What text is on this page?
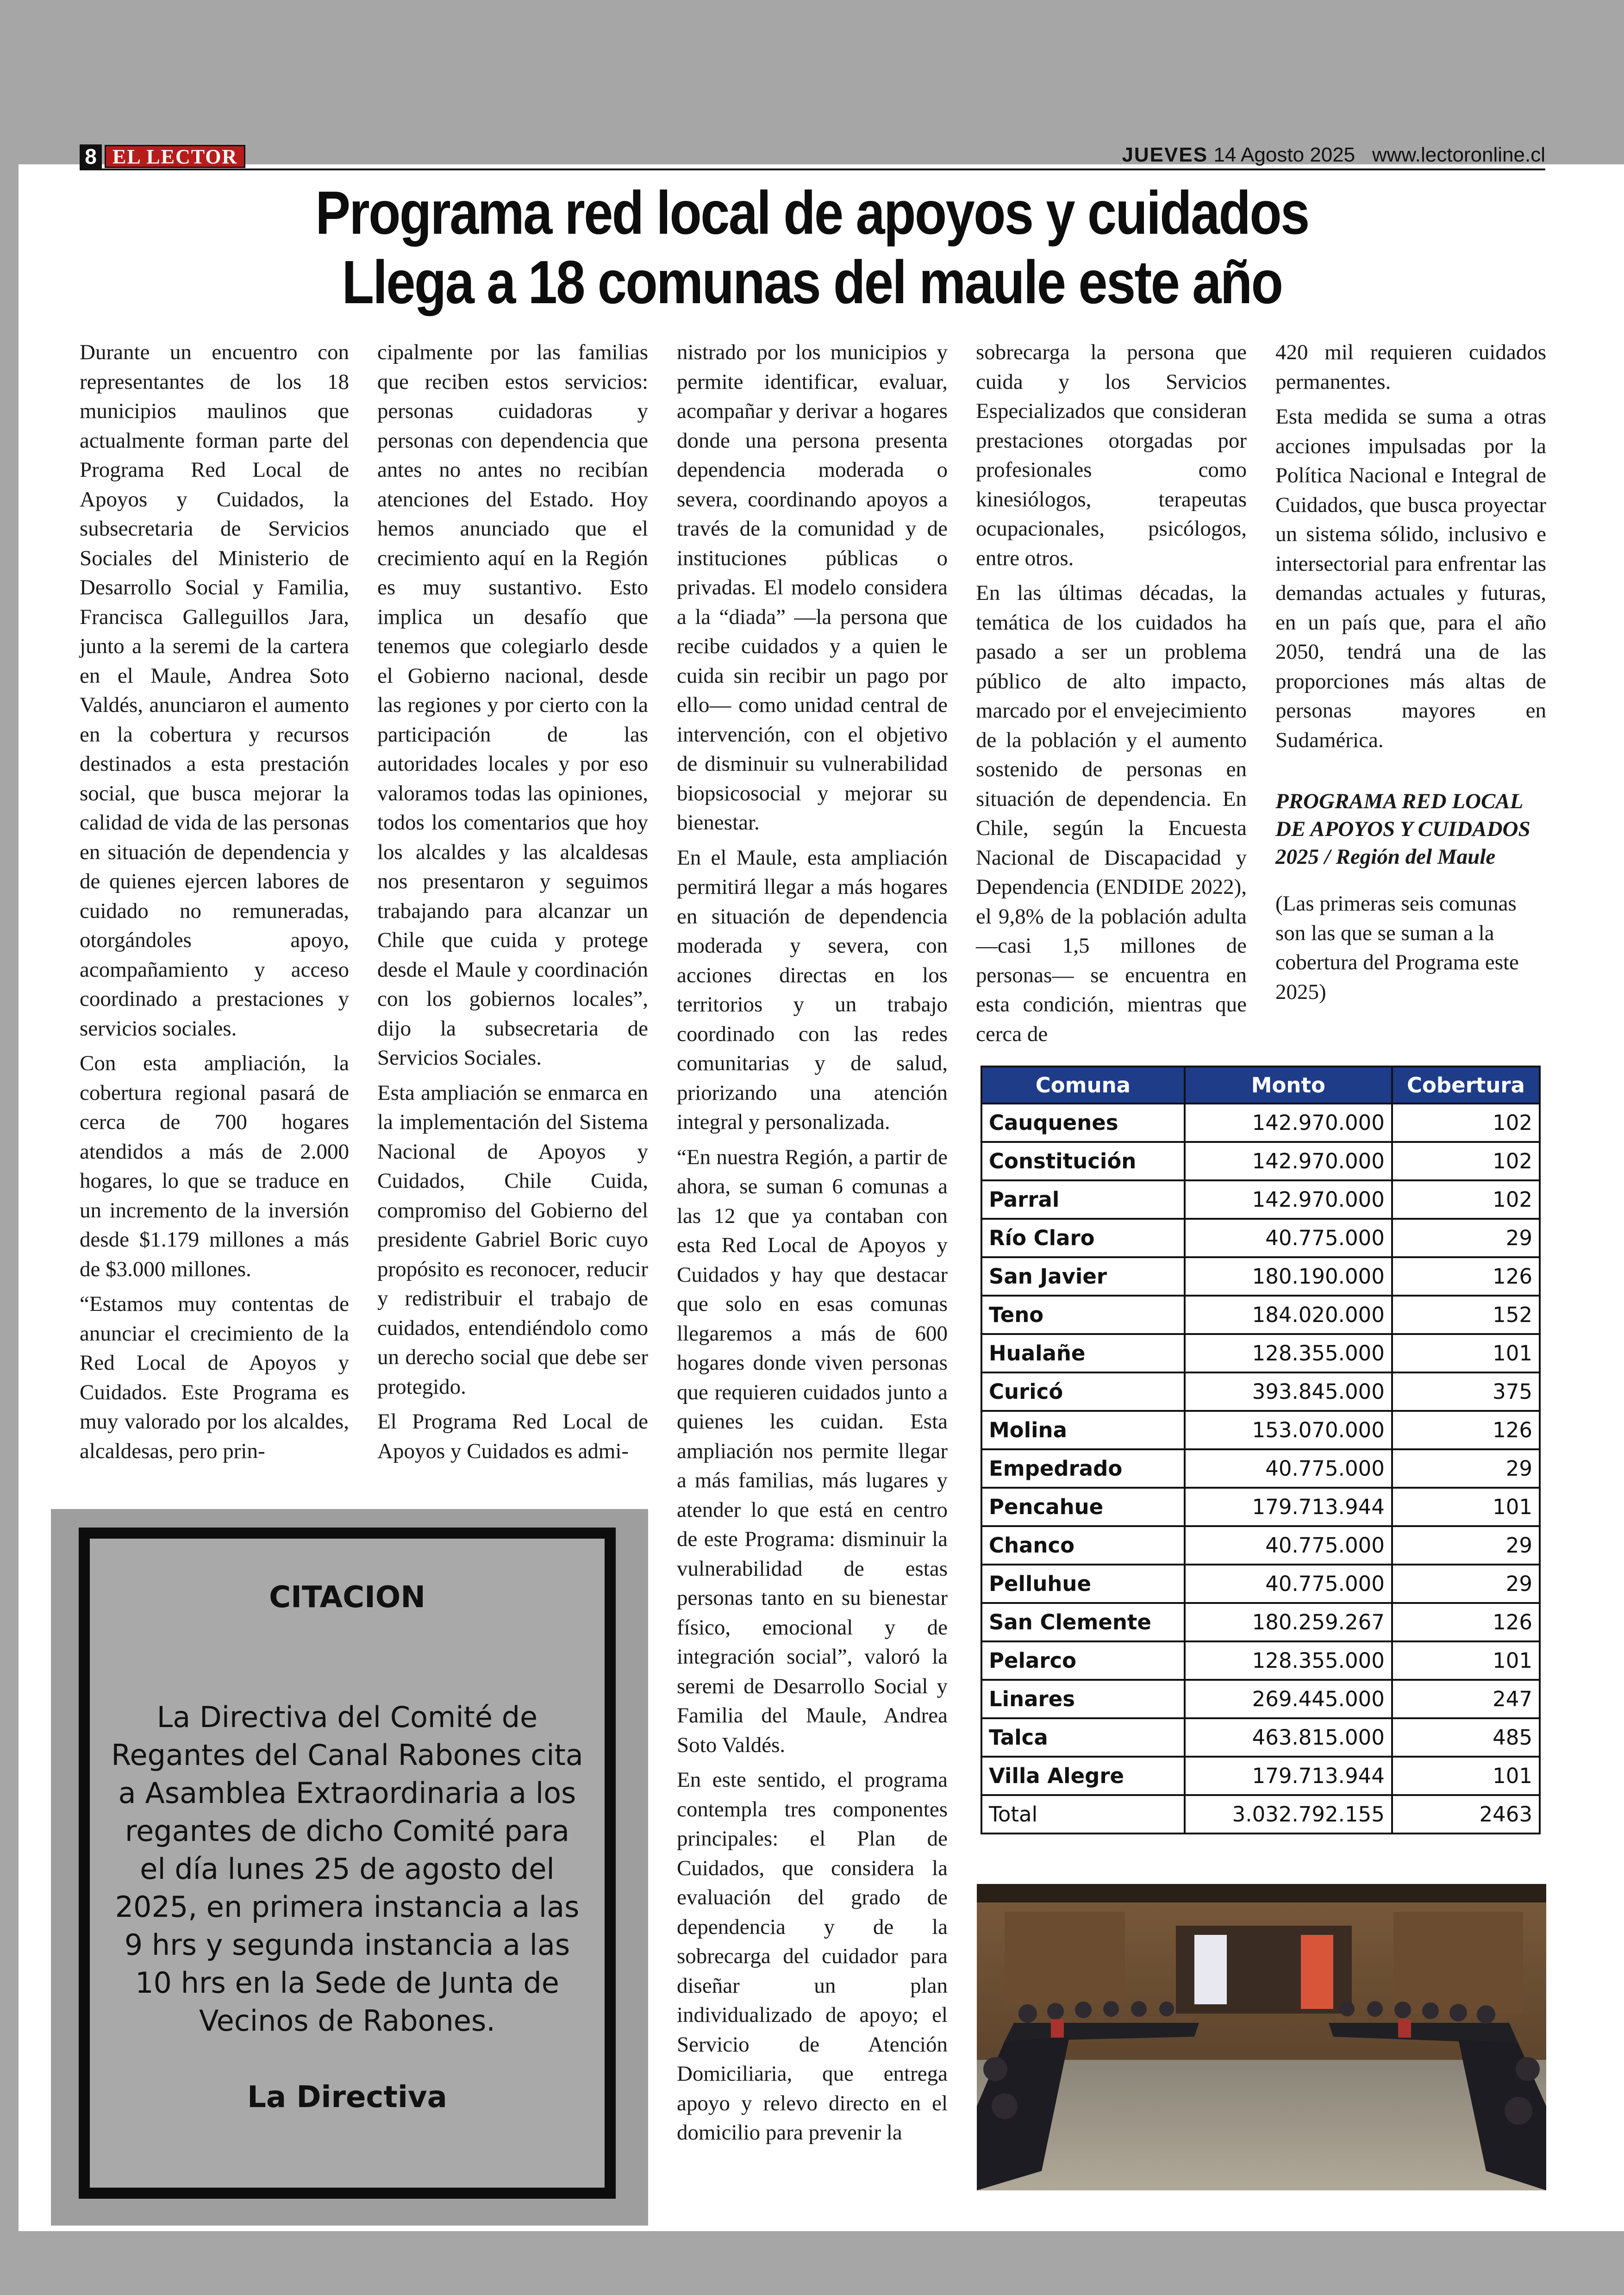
8 EL LECTOR	JUEVES 14 Agosto 2025 www.lectoronline.cl
Programa red local de apoyos y cuidados
Llega a 18 comunas del maule este año

Durante un encuentro con representantes de los 18 municipios maulinos que actualmente forman parte del Programa Red Local de Apoyos y Cuidados, la subsecretaria de Servicios Sociales del Ministerio de Desarrollo Social y Familia, Francisca Galleguillos Jara, junto a la seremi de la cartera en el Maule, Andrea Soto Valdés, anunciaron el aumento en la cobertura y recursos destinados a esta prestación social, que busca mejorar la calidad de vida de las personas en situación de dependencia y de quienes ejercen labores de cuidado no remuneradas, otorgándoles apoyo, acompañamiento y acceso coordinado a prestaciones y servicios sociales.

Con esta ampliación, la cobertura regional pasará de cerca de 700 hogares atendidos a más de 2.000 hogares, lo que se traduce en un incremento de la inversión desde $1.179 millones a más de $3.000 millones.

“Estamos muy contentas de anunciar el crecimiento de la Red Local de Apoyos y Cuidados. Este Programa es muy valorado por los alcaldes, alcaldesas, pero prin-

cipalmente por las familias que reciben estos servicios: personas cuidadoras y personas con dependencia que antes no antes no recibían atenciones del Estado. Hoy hemos anunciado que el crecimiento aquí en la Región es muy sustantivo. Esto implica un desafío que tenemos que colegiarlo desde el Gobierno nacional, desde las regiones y por cierto con la participación de las autoridades locales y por eso valoramos todas las opiniones, todos los comentarios que hoy los alcaldes y las alcaldesas nos presentaron y seguimos trabajando para alcanzar un Chile que cuida y protege desde el Maule y coordinación con los gobiernos locales”, dijo la subsecretaria de Servicios Sociales.

Esta ampliación se enmarca en la implementación del Sistema Nacional de Apoyos y Cuidados, Chile Cuida, compromiso del Gobierno del presidente Gabriel Boric cuyo propósito es reconocer, reducir y redistribuir el trabajo de cuidados, entendiéndolo como un derecho social que debe ser protegido.

El Programa Red Local de Apoyos y Cuidados es admi-

nistrado por los municipios y permite identificar, evaluar, acompañar y derivar a hogares donde una persona presenta dependencia moderada o severa, coordinando apoyos a través de la comunidad y de instituciones públicas o privadas. El modelo considera a la “diada” —la persona que recibe cuidados y a quien le cuida sin recibir un pago por ello— como unidad central de intervención, con el objetivo de disminuir su vulnerabilidad biopsicosocial y mejorar su bienestar.

En el Maule, esta ampliación permitirá llegar a más hogares en situación de dependencia moderada y severa, con acciones directas en los territorios y un trabajo coordinado con las redes comunitarias y de salud, priorizando una atención integral y personalizada.

“En nuestra Región, a partir de ahora, se suman 6 comunas a las 12 que ya contaban con esta Red Local de Apoyos y Cuidados y hay que destacar que solo en esas comunas llegaremos a más de 600 hogares donde viven personas que requieren cuidados junto a quienes les cuidan. Esta ampliación nos permite llegar a más familias, más lugares y atender lo que está en centro de este Programa: disminuir la vulnerabilidad de estas personas tanto en su bienestar físico, emocional y de integración social”, valoró la seremi de Desarrollo Social y Familia del Maule, Andrea Soto Valdés.

En este sentido, el programa contempla tres componentes principales: el Plan de Cuidados, que considera la evaluación del grado de dependencia y de la sobrecarga del cuidador para diseñar un plan individualizado de apoyo; el Servicio de Atención Domiciliaria, que entrega apoyo y relevo directo en el domicilio para prevenir la

sobrecarga la persona que cuida y los Servicios Especializados que consideran prestaciones otorgadas por profesionales como kinesiólogos, terapeutas ocupacionales, psicólogos, entre otros.

En las últimas décadas, la temática de los cuidados ha pasado a ser un problema público de alto impacto, marcado por el envejecimiento de la población y el aumento sostenido de personas en situación de dependencia. En Chile, según la Encuesta Nacional de Discapacidad y Dependencia (ENDIDE 2022), el 9,8% de la población adulta —casi 1,5 millones de personas— se encuentra en esta condición, mientras que cerca de

420 mil requieren cuidados permanentes.

Esta medida se suma a otras acciones impulsadas por la Política Nacional e Integral de Cuidados, que busca proyectar un sistema sólido, inclusivo e intersectorial para enfrentar las demandas actuales y futuras, en un país que, para el año 2050, tendrá una de las proporciones más altas de personas mayores en Sudamérica.

PROGRAMA RED LOCAL DE APOYOS Y CUIDADOS 2025 / Región del Maule

(Las primeras seis comunas son las que se suman a la cobertura del Programa este 2025)

CITACION
La Directiva del Comité de Regantes del Canal Rabones cita a Asamblea Extraordinaria a los regantes de dicho Comité para el día lunes 25 de agosto del 2025, en primera instancia a las 9 hrs y segunda instancia a las 10 hrs en la Sede de Junta de Vecinos de Rabones.
La Directiva
Comuna	Monto	Cobertura
Cauquenes	142.970.000	102
Constitución	142.970.000	102
Parral	142.970.000	102
Río Claro	40.775.000	29
San Javier	180.190.000	126
Teno	184.020.000	152
Hualañe	128.355.000	101
Curicó	393.845.000	375
Molina	153.070.000	126
Empedrado	40.775.000	29
Pencahue	179.713.944	101
Chanco	40.775.000	29
Pelluhue	40.775.000	29
San Clemente	180.259.267	126
Pelarco	128.355.000	101
Linares	269.445.000	247
Talca	463.815.000	485
Villa Alegre	179.713.944	101
Total	3.032.792.155	2463
